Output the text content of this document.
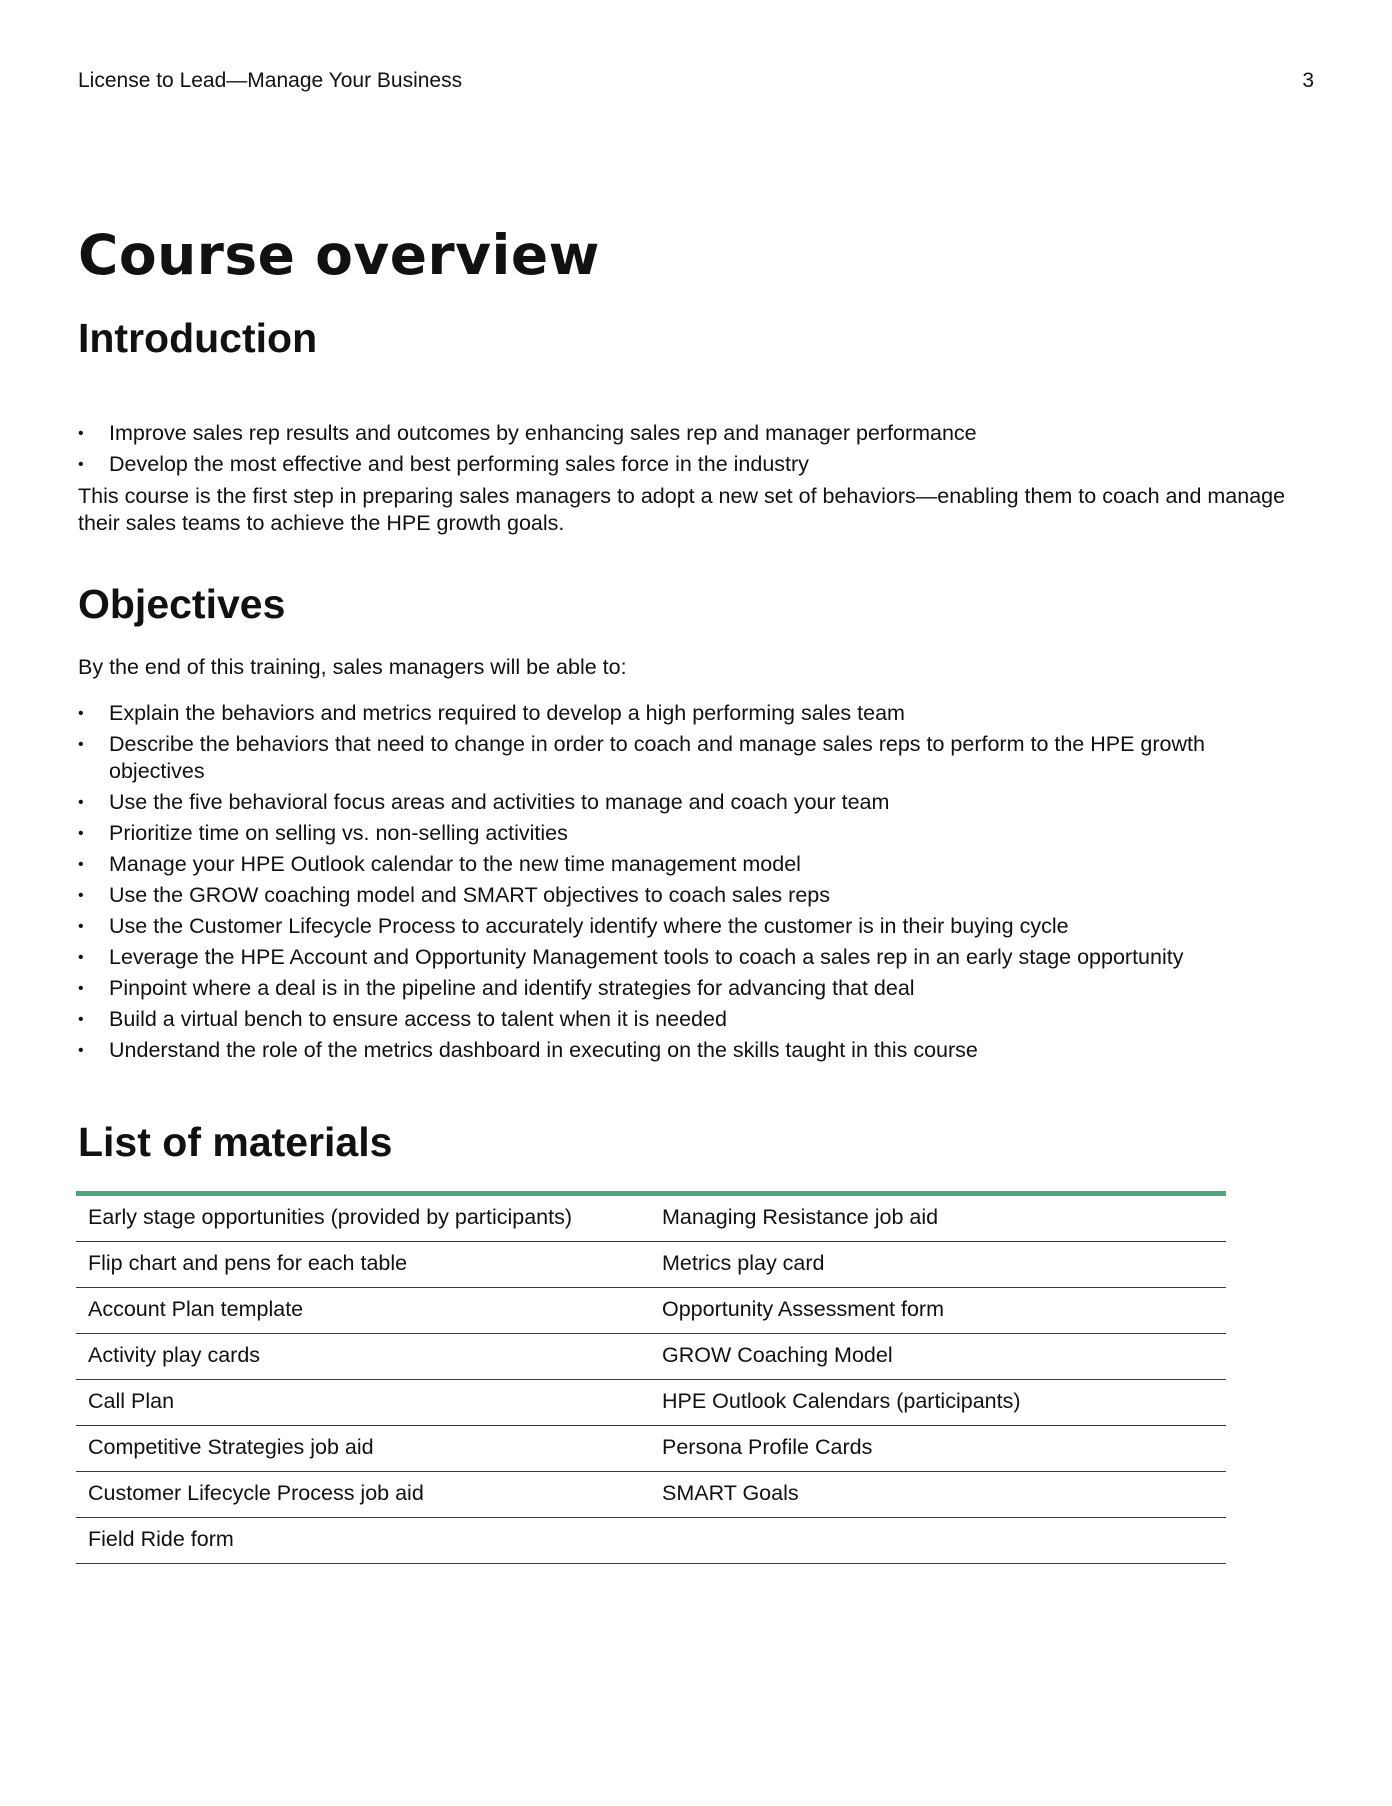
License to Lead—Manage Your Business	3
Course overview
Introduction
• Improve sales rep results and outcomes by enhancing sales rep and manager performance
• Develop the most effective and best performing sales force in the industry

This course is the first step in preparing sales managers to adopt a new set of behaviors—enabling them to coach and manage their sales teams to achieve the HPE growth goals.

Objectives

By the end of this training, sales managers will be able to:

• Explain the behaviors and metrics required to develop a high performing sales team
• Describe the behaviors that need to change in order to coach and manage sales reps to perform to the HPE growth objectives
• Use the five behavioral focus areas and activities to manage and coach your team
• Prioritize time on selling vs. non-selling activities
• Manage your HPE Outlook calendar to the new time management model
• Use the GROW coaching model and SMART objectives to coach sales reps
• Use the Customer Lifecycle Process to accurately identify where the customer is in their buying cycle
• Leverage the HPE Account and Opportunity Management tools to coach a sales rep in an early stage opportunity
• Pinpoint where a deal is in the pipeline and identify strategies for advancing that deal
• Build a virtual bench to ensure access to talent when it is needed
• Understand the role of the metrics dashboard in executing on the skills taught in this course
List of materials
Early stage opportunities (provided by participants)	Managing Resistance job aid
Flip chart and pens for each table	Metrics play card
Account Plan template	Opportunity Assessment form
Activity play cards	GROW Coaching Model
Call Plan	HPE Outlook Calendars (participants)
Competitive Strategies job aid	Persona Profile Cards
Customer Lifecycle Process job aid	SMART Goals
Field Ride form	
